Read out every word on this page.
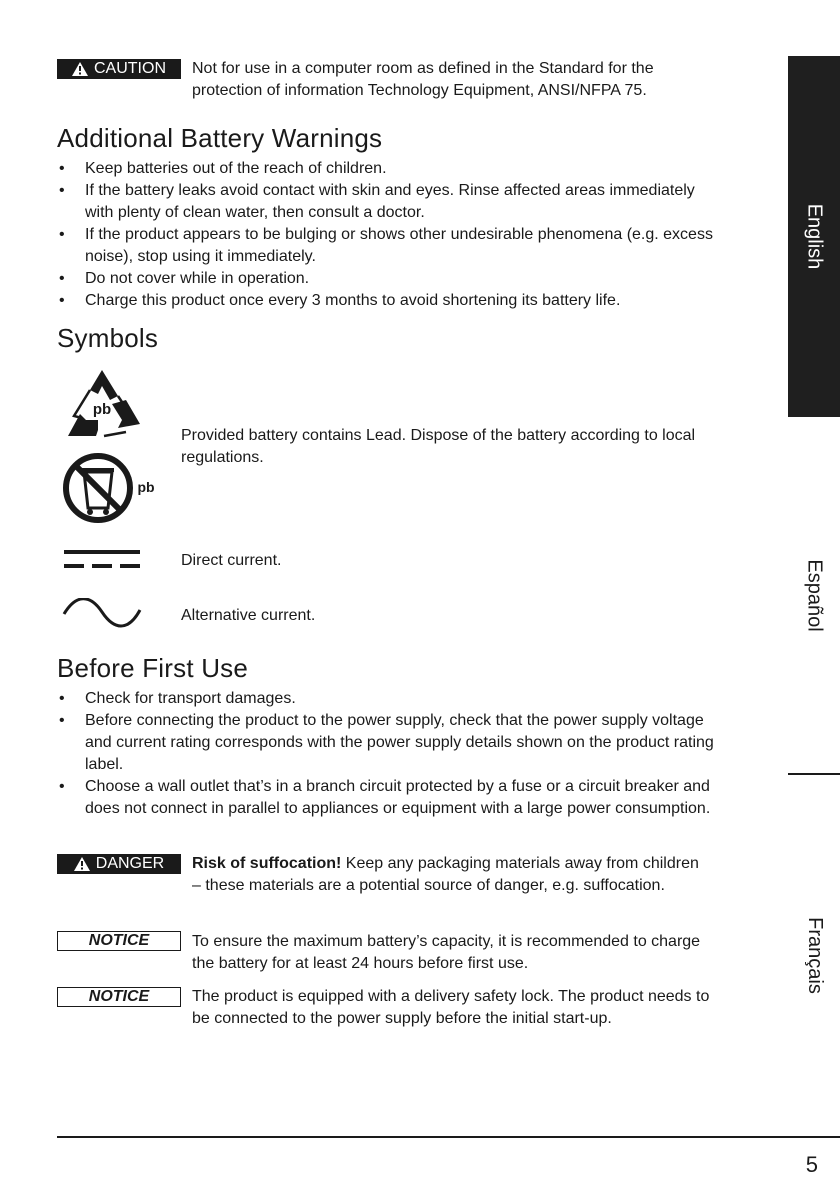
CAUTION Not for use in a computer room as defined in the Standard for the protection of information Technology Equipment, ANSI/NFPA 75.
Additional Battery Warnings
• Keep batteries out of the reach of children.
• If the battery leaks avoid contact with skin and eyes. Rinse affected areas immediately with plenty of clean water, then consult a doctor.
• If the product appears to be bulging or shows other undesirable phenomena (e.g. excess noise), stop using it immediately.
• Do not cover while in operation.
• Charge this product once every 3 months to avoid shortening its battery life.
Symbols
pb
pb
Provided battery contains Lead. Dispose of the battery according to local regulations.
Direct current.
Alternative current.
Before First Use
• Check for transport damages.
• Before connecting the product to the power supply, check that the power supply voltage and current rating corresponds with the power supply details shown on the product rating label.
• Choose a wall outlet that’s in a branch circuit protected by a fuse or a circuit breaker and does not connect in parallel to appliances or equipment with a large power consumption.
DANGER Risk of suffocation! Keep any packaging materials away from children – these materials are a potential source of danger, e.g. suffocation.
NOTICE	To ensure the maximum battery’s capacity, it is recommended to charge the battery for at least 24 hours before first use.
NOTICE	The product is equipped with a delivery safety lock. The product needs to be connected to the power supply before the initial start-up.
English
Español
Français
5
